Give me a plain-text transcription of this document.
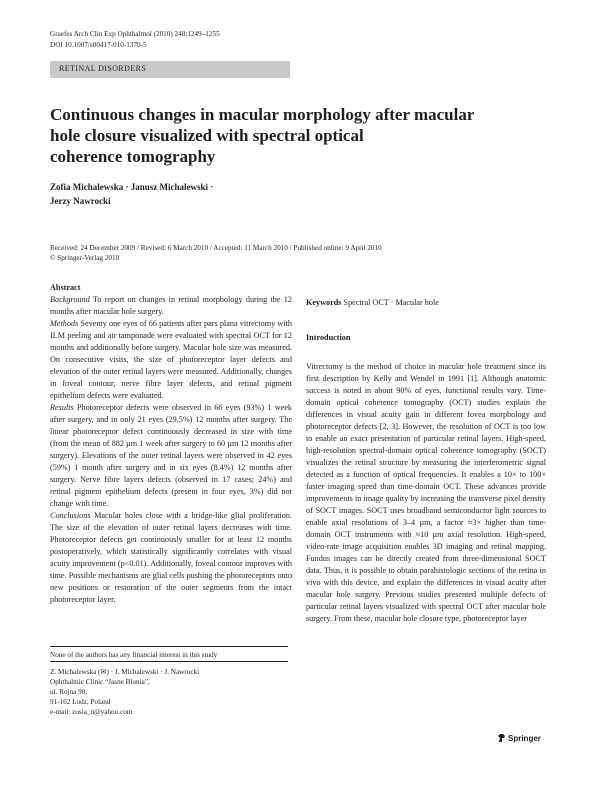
Graefes Arch Clin Exp Ophthalmol (2010) 248:1249–1255
DOI 10.1007/s00417-010-1370-5
RETINAL DISORDERS
Continuous changes in macular morphology after macular
hole closure visualized with spectral optical
coherence tomography
Zofia Michalewska · Janusz Michalewski ·
Jerzy Nawrocki
Received: 24 December 2009 / Revised: 6 March 2010 / Accepted: 11 March 2010 / Published online: 9 April 2010
© Springer-Verlag 2010
Abstract

Background To report on changes in retinal morphology during the 12 months after macular hole surgery.

Methods Seventy one eyes of 66 patients after pars plana vitrectomy with ILM peeling and air tamponade were evaluated with spectral OCT for 12 months and additionally before surgery. Macular hole size was measured. On consecutive visits, the size of photoreceptor layer defects and elevation of the outer retinal layers were measured. Additionally, changes in foveal contour, nerve fibre layer defects, and retinal pigment epithelium defects were evaluated.

Results Photoreceptor defects were observed in 66 eyes (93%) 1 week after surgery, and in only 21 eyes (29.5%) 12 months after surgery. The linear photoreceptor defect continuously decreased in size with time (from the mean of 882 µm 1 week after surgery to 60 µm 12 months after surgery). Elevations of the outer retinal layers were observed in 42 eyes (59%) 1 month after surgery and in six eyes (8.4%) 12 months after surgery. Nerve fibre layers defects (observed in 17 cases; 24%) and retinal pigment epithelium defects (present in four eyes, 3%) did not change with time.

Conclusions Macular holes close with a bridge-like glial proliferation. The size of the elevation of outer retinal layers decreases with time. Photoreceptor defects get continuously smaller for at least 12 months postoperatively, which statistically significantly correlates with visual acuity improvement (p<0.01). Additionally, foveal contour improves with time. Possible mechanisms are glial cells pushing the photoreceptors onto new positions or restoration of the outer segments from the intact photoreceptor layer.

Keywords Spectral OCT · Macular hole
Introduction
Vitrectomy is the method of choice in macular hole treatment since its first description by Kelly and Wendel in 1991 [1]. Although anatomic success is noted in about 90% of eyes, functional results vary. Time-domain optical coherence tomography (OCT) studies explain the differences in visual acuity gain in different fovea morphology and photoreceptor defects [2, 3]. However, the resolution of OCT is too low to enable an exact presentation of particular retinal layers. High-speed, high-resolution spectral-domain optical coherence tomography (SOCT) visualizes the retinal structure by measuring the interferometric signal detected as a function of optical frequencies. It enables a 10× to 100× faster imaging speed than time-domain OCT. These advances provide improvements in image quality by increasing the transverse pixel density of SOCT images. SOCT uses broadband semiconductor light sources to enable axial resolutions of 3–4 µm, a factor ≈3× higher than time-domain OCT instruments with ≈10 µm axial resolution. High-speed, video-rate image acquisition enables 3D imaging and retinal mapping. Fundus images can be directly created from three-dimensional SOCT data. Thus, it is possible to obtain parahistologic sections of the retina in vivo with this device, and explain the differences in visual acuity after macular hole surgery. Previous studies presented multiple defects of particular retinal layers visualized with spectral OCT after macular hole surgery. From these, macular hole closure type, photoreceptor layer
None of the authors has any financial interest in this study
Z. Michalewska (✉) · J. Michalewski · J. Nawrocki
Ophthalmic Clinic “Jasne Błonia”,
ul. Rojna 90,
91-162 Lodz, Poland
e-mail: zosia_n@yahoo.com
Springer
